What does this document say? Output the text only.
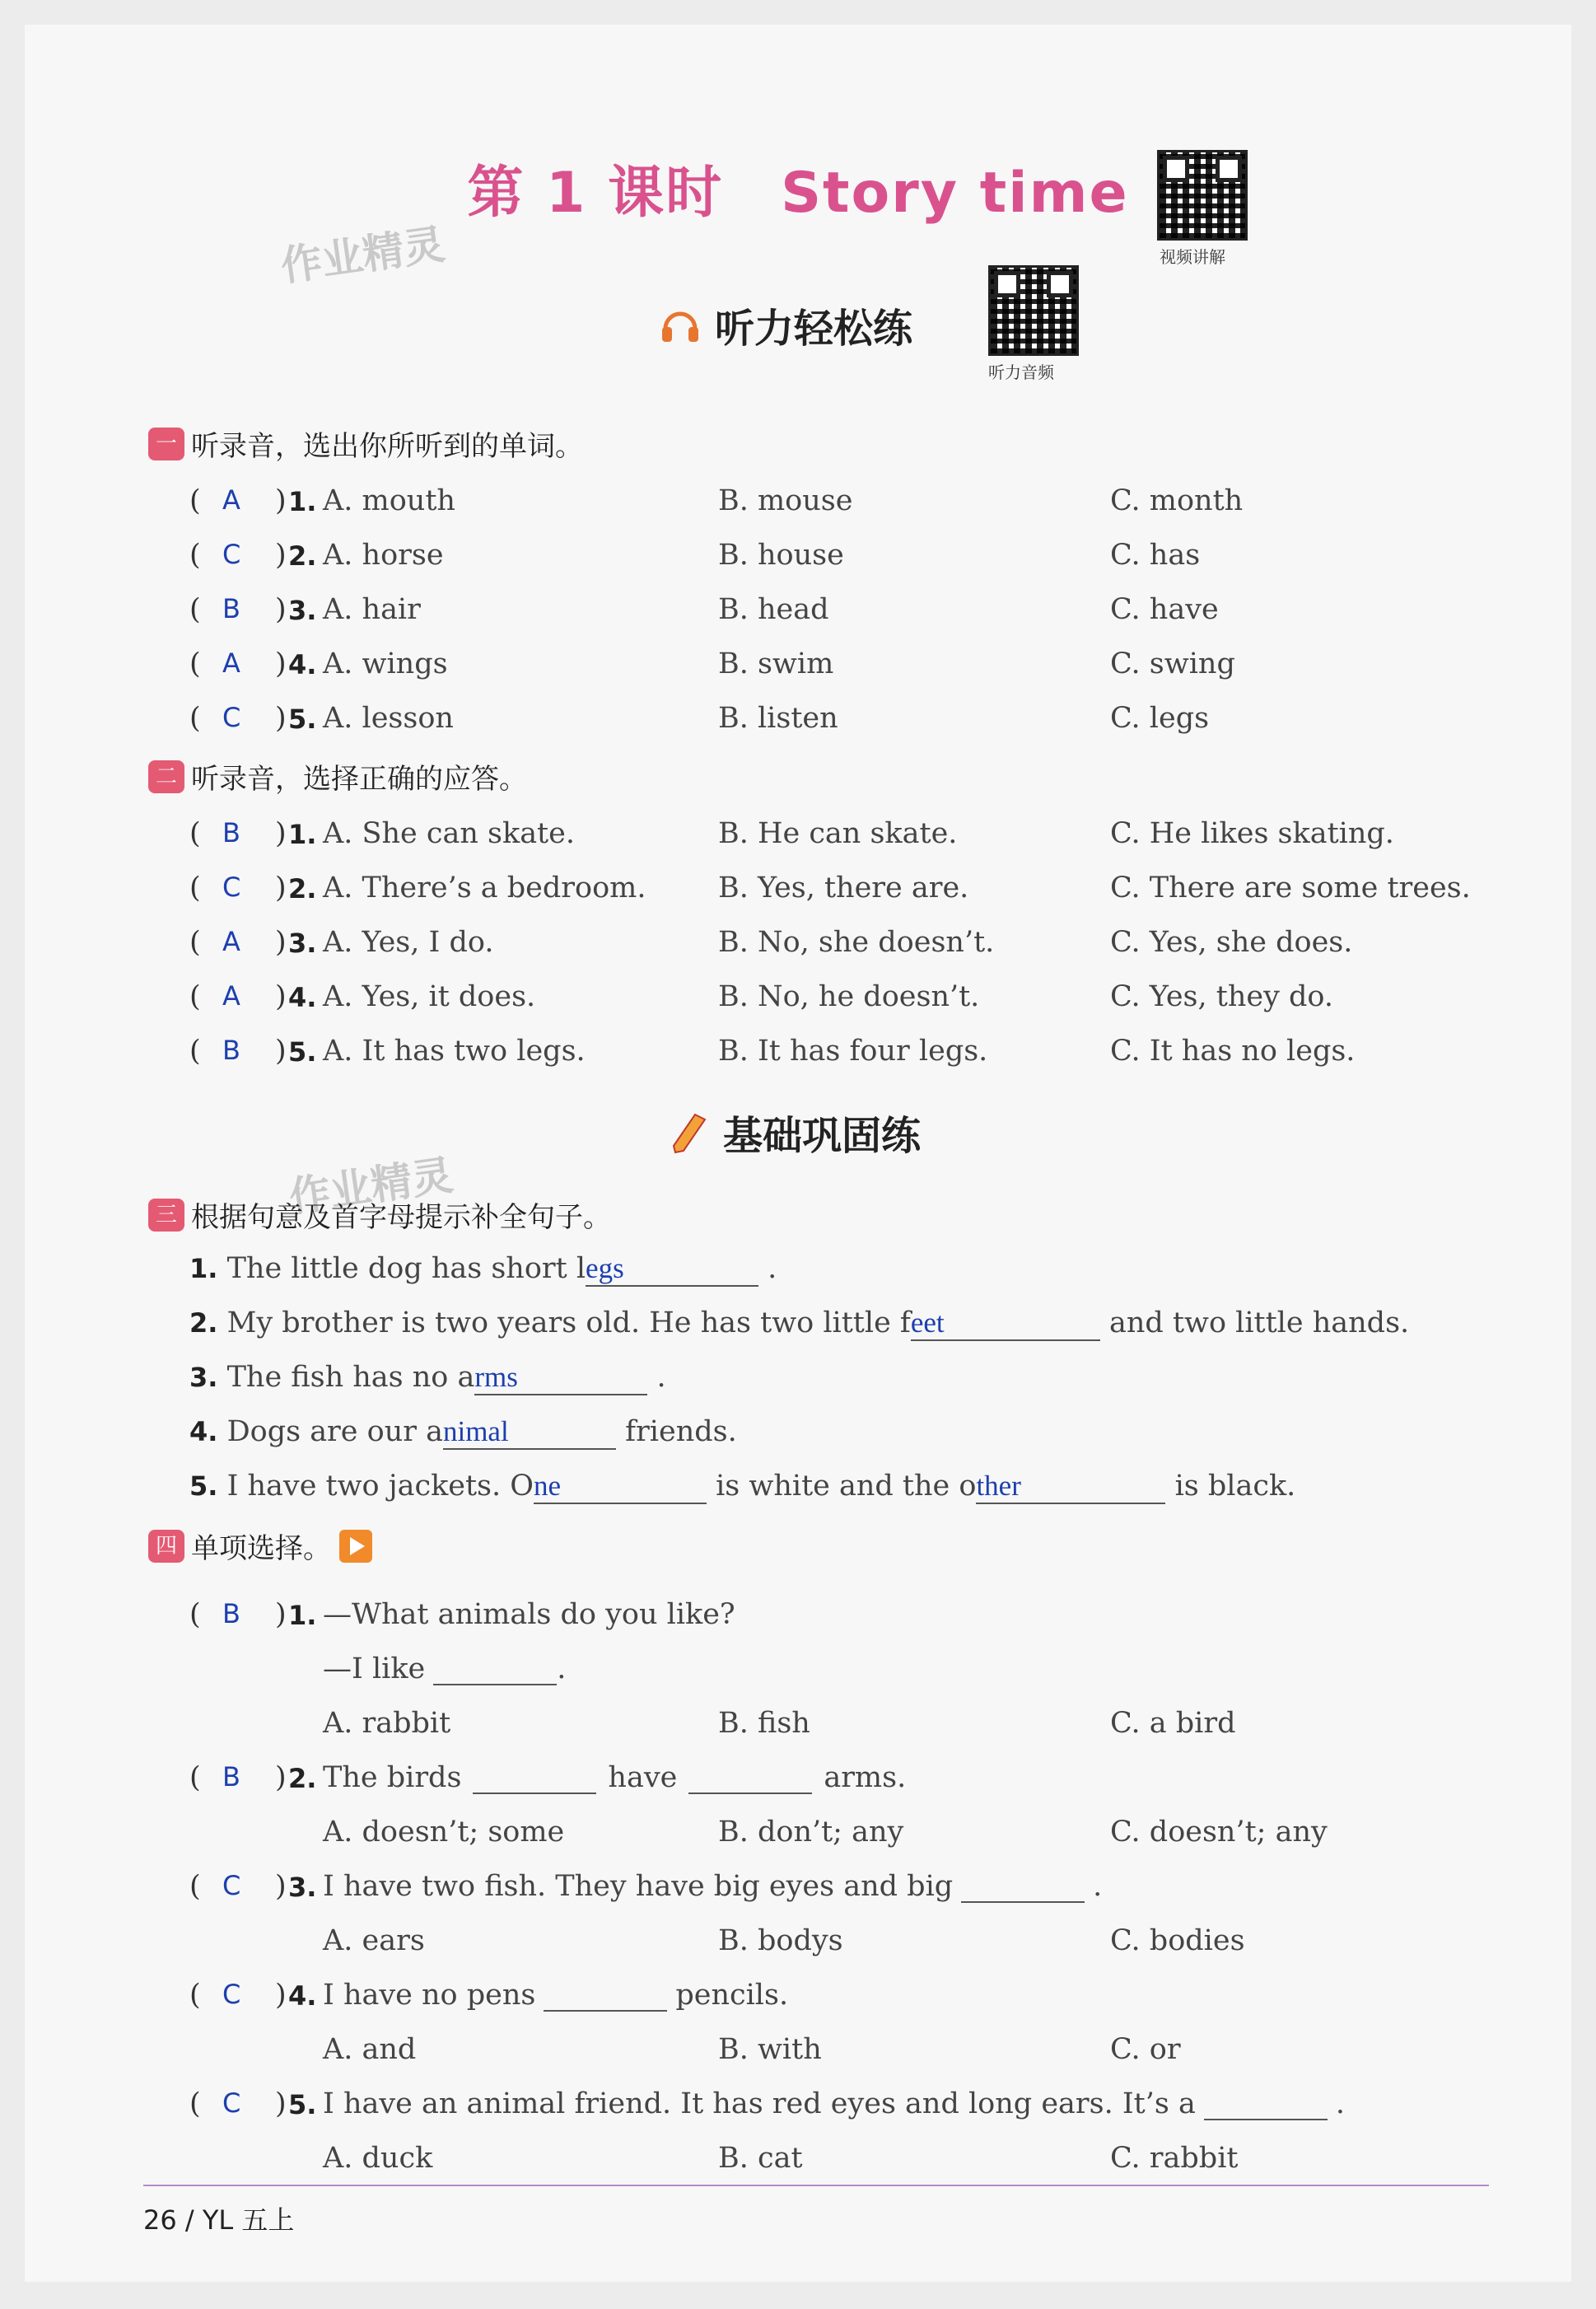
作业精灵
作业精灵
第 1 课时　Story time
视频讲解
听力轻松练
听力音频
一 听录音，选出你所听到的单词。
二 听录音，选择正确的应答。
基础巩固练
三 根据句意及首字母提示补全句子。
四 单项选择。
26 / YL 五上
( A ) 1. A. mouth	B. mouse	C. month
( C ) 2. A. horse	B. house	C. has
( B ) 3. A. hair	B. head	C. have
( A ) 4. A. wings	B. swim	C. swing
( C ) 5. A. lesson	B. listen	C. legs
( B ) 1. A. She can skate.	B. He can skate.	C. He likes skating.
( C ) 2. A. There’s a bedroom.	B. Yes, there are.	C. There are some trees.
( A ) 3. A. Yes, I do.	B. No, she doesn’t.	C. Yes, she does.
( A ) 4. A. Yes, it does.	B. No, he doesn’t.	C. Yes, they do.
( B ) 5. A. It has two legs.	B. It has four legs.	C. It has no legs.
1. The little dog has short legs	.
2. My brother is two years old. He has two little feet	and two little hands.
3. The fish has no arms	.
4. Dogs are our animal	friends.
5. I have two jackets. One	is white and the other	is black.
( B ) 1. —What animals do you like?
—I like	.
A. rabbit	B. fish	C. a bird
( B ) 2. The birds	have	arms.
A. doesn’t; some	B. don’t; any	C. doesn’t; any
( C ) 3. I have two fish. They have big eyes and big	.
A. ears	B. bodys	C. bodies
( C ) 4. I have no pens	pencils.
A. and	B. with	C. or
( C ) 5. I have an animal friend. It has red eyes and long ears. It’s a	.
A. duck	B. cat	C. rabbit
